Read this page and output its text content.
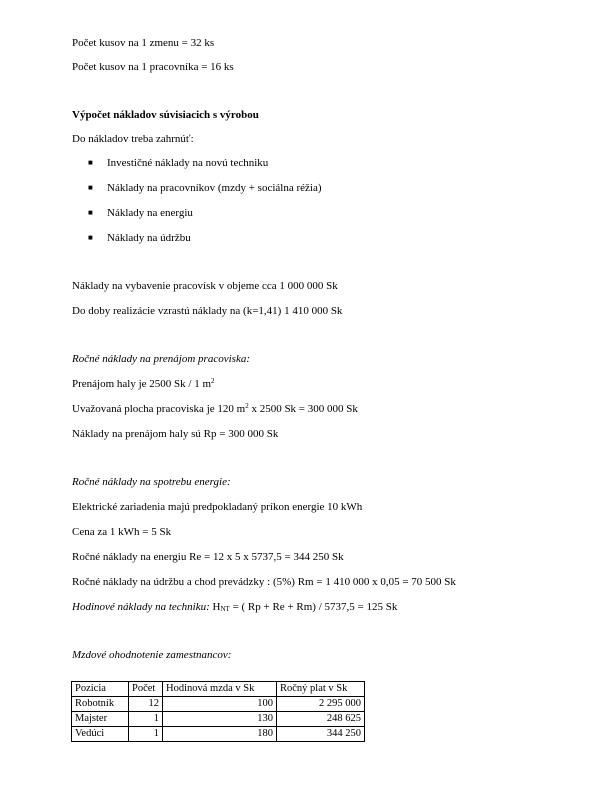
Počet kusov na 1 zmenu = 32 ks
Počet kusov na 1 pracovníka = 16 ks
Výpočet nákladov súvisiacich s výrobou
Do nákladov treba zahrnúť:
■ Investičné náklady na novú techniku
■ Náklady na pracovníkov (mzdy + sociálna réžia)
■ Náklady na energiu
■ Náklady na údržbu
Náklady na vybavenie pracovísk v objeme cca 1 000 000 Sk
Do doby realizácie vzrastú náklady na (k=1,41) 1 410 000 Sk
Ročné náklady na prenájom pracoviska:
Prenájom haly je 2500 Sk / 1 $m^2$
Uvažovaná plocha pracoviska je 120 $m^2$ x 2500 Sk = 300 000 Sk
Náklady na prenájom haly sú Rp = 300 000 Sk
Ročné náklady na spotrebu energie:
Elektrické zariadenia majú predpokladaný príkon energie 10 kWh
Cena za 1 kWh = 5 Sk
Ročné náklady na energiu Re = 12 x 5 x 5737,5 = 344 250 Sk
Ročné náklady na údržbu a chod prevádzky : (5%) Rm = 1 410 000 x 0,05 = 70 500 Sk
Hodinové náklady na techniku: $H_{NT}$ = ( Rp + Re + Rm) / 5737,5 = 125 Sk
Mzdové ohodnotenie zamestnancov:
Pozícia	Počet	Hodinová mzda v Sk	Ročný plat v Sk
Robotník	12	100	2 295 000
Majster	1	130	248 625
Vedúci	1	180	344 250
